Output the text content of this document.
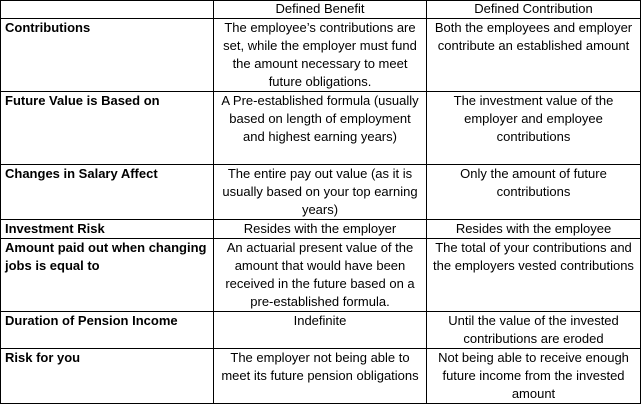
	Defined Benefit	Defined Contribution
Contributions	The employee’s contributions are set, while the employer must fund the amount necessary to meet future obligations.	Both the employees and employer contribute an established amount
Future Value is Based on	A Pre-established formula (usually based on length of employment and highest earning years)	The investment value of the employer and employee contributions
Changes in Salary Affect	The entire pay out value (as it is usually based on your top earning years)	Only the amount of future contributions
Investment Risk	Resides with the employer	Resides with the employee
Amount paid out when changing jobs is equal to	An actuarial present value of the amount that would have been received in the future based on a pre-established formula.	The total of your contributions and the employers vested contributions
Duration of Pension Income	Indefinite	Until the value of the invested contributions are eroded
Risk for you	The employer not being able to meet its future pension obligations	Not being able to receive enough future income from the invested amount
